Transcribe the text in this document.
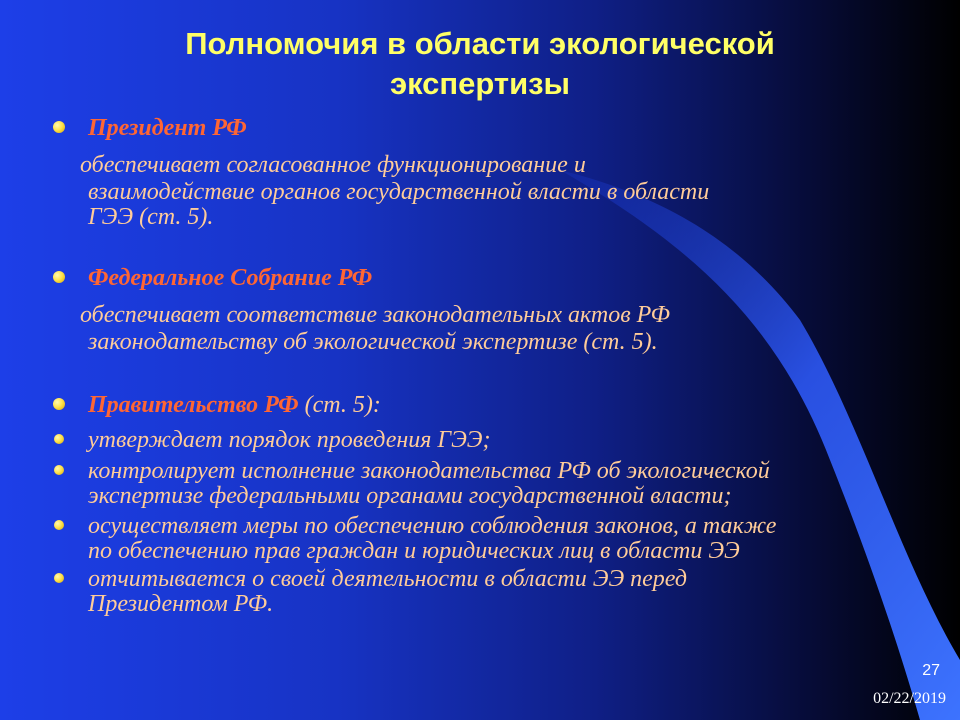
Полномочия в области экологической
экспертизы
Президент РФ
обеспечивает согласованное функционирование и
взаимодействие органов государственной власти в области
ГЭЭ (ст. 5).
Федеральное Собрание РФ
обеспечивает соответствие законодательных актов РФ
законодательству об экологической экспертизе (ст. 5).
Правительство РФ (ст. 5):
утверждает порядок проведения ГЭЭ;
контролирует исполнение законодательства РФ об экологической
экспертизе федеральными органами государственной власти;
осуществляет меры по обеспечению соблюдения законов, а также
по обеспечению прав граждан и юридических лиц в области ЭЭ
отчитывается о своей деятельности в области ЭЭ перед
Президентом РФ.
27
02/22/2019
